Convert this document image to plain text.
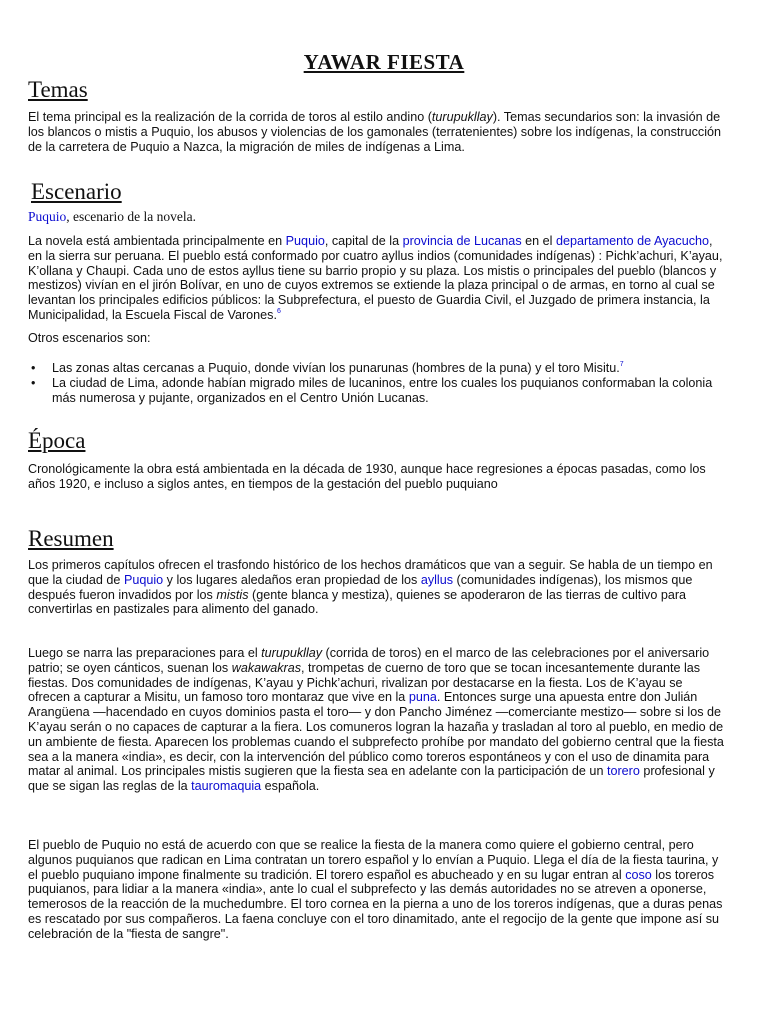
YAWAR FIESTA
Temas

El tema principal es la realización de la corrida de toros al estilo andino (turupukllay). Temas secundarios son: la invasión de los blancos o mistis a Puquio, los abusos y violencias de los gamonales (terratenientes) sobre los indígenas, la construcción de la carretera de Puquio a Nazca, la migración de miles de indígenas a Lima.

Escenario

Puquio, escenario de la novela.

La novela está ambientada principalmente en Puquio, capital de la provincia de Lucanas en el departamento de Ayacucho, en la sierra sur peruana. El pueblo está conformado por cuatro ayllus indios (comunidades indígenas) : Pichk’achuri, K’ayau, K’ollana y Chaupi. Cada uno de estos ayllus tiene su barrio propio y su plaza. Los mistis o principales del pueblo (blancos y mestizos) vivían en el jirón Bolívar, en uno de cuyos extremos se extiende la plaza principal o de armas, en torno al cual se levantan los principales edificios públicos: la Subprefectura, el puesto de Guardia Civil, el Juzgado de primera instancia, la Municipalidad, la Escuela Fiscal de Varones.$^6$

Otros escenarios son:

• Las zonas altas cercanas a Puquio, donde vivían los punarunas (hombres de la puna) y el toro Misitu.$^7$
• La ciudad de Lima, adonde habían migrado miles de lucaninos, entre los cuales los puquianos conformaban la colonia más numerosa y pujante, organizados en el Centro Unión Lucanas.
Época

Cronológicamente la obra está ambientada en la década de 1930, aunque hace regresiones a épocas pasadas, como los años 1920, e incluso a siglos antes, en tiempos de la gestación del pueblo puquiano

Resumen

Los primeros capítulos ofrecen el trasfondo histórico de los hechos dramáticos que van a seguir. Se habla de un tiempo en que la ciudad de Puquio y los lugares aledaños eran propiedad de los ayllus (comunidades indígenas), los mismos que después fueron invadidos por los mistis (gente blanca y mestiza), quienes se apoderaron de las tierras de cultivo para convertirlas en pastizales para alimento del ganado.

Luego se narra las preparaciones para el turupukllay (corrida de toros) en el marco de las celebraciones por el aniversario patrio; se oyen cánticos, suenan los wakawakras, trompetas de cuerno de toro que se tocan incesantemente durante las fiestas. Dos comunidades de indígenas, K’ayau y Pichk’achuri, rivalizan por destacarse en la fiesta. Los de K’ayau se ofrecen a capturar a Misitu, un famoso toro montaraz que vive en la puna. Entonces surge una apuesta entre don Julián Arangüena —hacendado en cuyos dominios pasta el toro— y don Pancho Jiménez —comerciante mestizo— sobre si los de K’ayau serán o no capaces de capturar a la fiera. Los comuneros logran la hazaña y trasladan al toro al pueblo, en medio de un ambiente de fiesta. Aparecen los problemas cuando el subprefecto prohíbe por mandato del gobierno central que la fiesta sea a la manera «india», es decir, con la intervención del público como toreros espontáneos y con el uso de dinamita para matar al animal. Los principales mistis sugieren que la fiesta sea en adelante con la participación de un torero profesional y que se sigan las reglas de la tauromaquia española.

El pueblo de Puquio no está de acuerdo con que se realice la fiesta de la manera como quiere el gobierno central, pero algunos puquianos que radican en Lima contratan un torero español y lo envían a Puquio. Llega el día de la fiesta taurina, y el pueblo puquiano impone finalmente su tradición. El torero español es abucheado y en su lugar entran al coso los toreros puquianos, para lidiar a la manera «india», ante lo cual el subprefecto y las demás autoridades no se atreven a oponerse, temerosos de la reacción de la muchedumbre. El toro cornea en la pierna a uno de los toreros indígenas, que a duras penas es rescatado por sus compañeros. La faena concluye con el toro dinamitado, ante el regocijo de la gente que impone así su celebración de la "fiesta de sangre".
